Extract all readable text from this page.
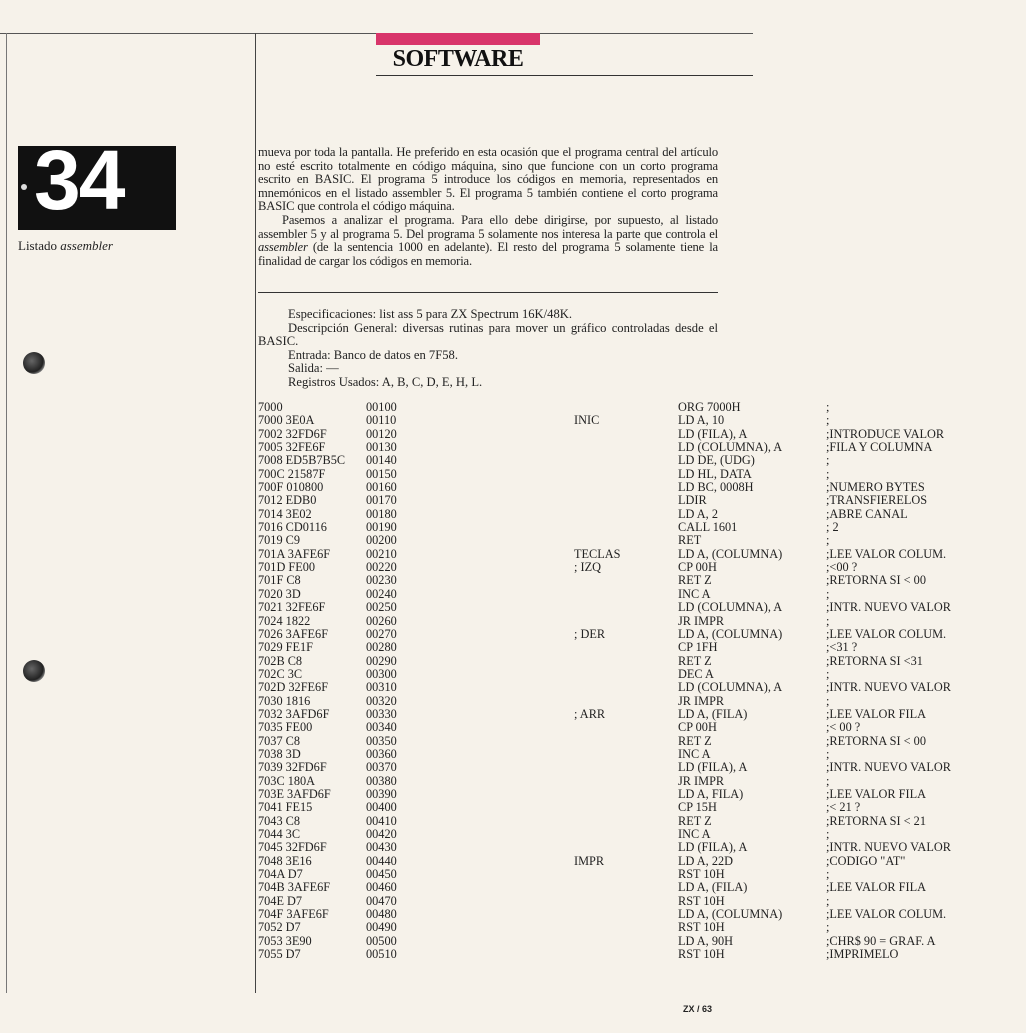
SOFTWARE
34
Listado assembler

mueva por toda la pantalla. He preferido en esta ocasión que el programa central del artículo no esté escrito totalmente en código máquina, sino que funcione con un corto programa escrito en BASIC. El programa 5 introduce los códigos en memoria, representados en mnemónicos en el listado assembler 5. El programa 5 también contiene el corto programa BASIC que controla el código máquina.

Pasemos a analizar el programa. Para ello debe dirigirse, por supuesto, al listado assembler 5 y al programa 5. Del programa 5 solamente nos interesa la parte que controla el assembler (de la sentencia 1000 en adelante). El resto del programa 5 solamente tiene la finalidad de cargar los códigos en memoria.

Especificaciones: list ass 5 para ZX Spectrum 16K/48K.

Descripción General: diversas rutinas para mover un gráfico controladas desde el BASIC.

Entrada: Banco de datos en 7F58.

Salida: —

Registros Usados: A, B, C, D, E, H, L.

7000	00100		ORG 7000H	;
7000 3E0A	00110	INIC	LD A, 10	;
7002 32FD6F	00120		LD (FILA), A	;INTRODUCE VALOR
7005 32FE6F	00130		LD (COLUMNA), A	;FILA Y COLUMNA
7008 ED5B7B5C	00140		LD DE, (UDG)	;
700C 21587F	00150		LD HL, DATA	;
700F 010800	00160		LD BC, 0008H	;NUMERO BYTES
7012 EDB0	00170		LDIR	;TRANSFIERELOS
7014 3E02	00180		LD A, 2	;ABRE CANAL
7016 CD0116	00190		CALL 1601	; 2
7019 C9	00200		RET	;
701A 3AFE6F	00210	TECLAS	LD A, (COLUMNA)	;LEE VALOR COLUM.
701D FE00	00220	; IZQ	CP 00H	;<00 ?
701F C8	00230		RET Z	;RETORNA SI < 00
7020 3D	00240		INC A	;
7021 32FE6F	00250		LD (COLUMNA), A	;INTR. NUEVO VALOR
7024 1822	00260		JR IMPR	;
7026 3AFE6F	00270	; DER	LD A, (COLUMNA)	;LEE VALOR COLUM.
7029 FE1F	00280		CP 1FH	;<31 ?
702B C8	00290		RET Z	;RETORNA SI <31
702C 3C	00300		DEC A	;
702D 32FE6F	00310		LD (COLUMNA), A	;INTR. NUEVO VALOR
7030 1816	00320		JR IMPR	;
7032 3AFD6F	00330	; ARR	LD A, (FILA)	;LEE VALOR FILA
7035 FE00	00340		CP 00H	;< 00 ?
7037 C8	00350		RET Z	;RETORNA SI < 00
7038 3D	00360		INC A	;
7039 32FD6F	00370		LD (FILA), A	;INTR. NUEVO VALOR
703C 180A	00380		JR IMPR	;
703E 3AFD6F	00390		LD A, FILA)	;LEE VALOR FILA
7041 FE15	00400		CP 15H	;< 21 ?
7043 C8	00410		RET Z	;RETORNA SI < 21
7044 3C	00420		INC A	;
7045 32FD6F	00430		LD (FILA), A	;INTR. NUEVO VALOR
7048 3E16	00440	IMPR	LD A, 22D	;CODIGO "AT"
704A D7	00450		RST 10H	;
704B 3AFE6F	00460		LD A, (FILA)	;LEE VALOR FILA
704E D7	00470		RST 10H	;
704F 3AFE6F	00480		LD A, (COLUMNA)	;LEE VALOR COLUM.
7052 D7	00490		RST 10H	;
7053 3E90	00500		LD A, 90H	;CHR$ 90 = GRAF. A
7055 D7	00510		RST 10H	;IMPRIMELO
ZX / 63
